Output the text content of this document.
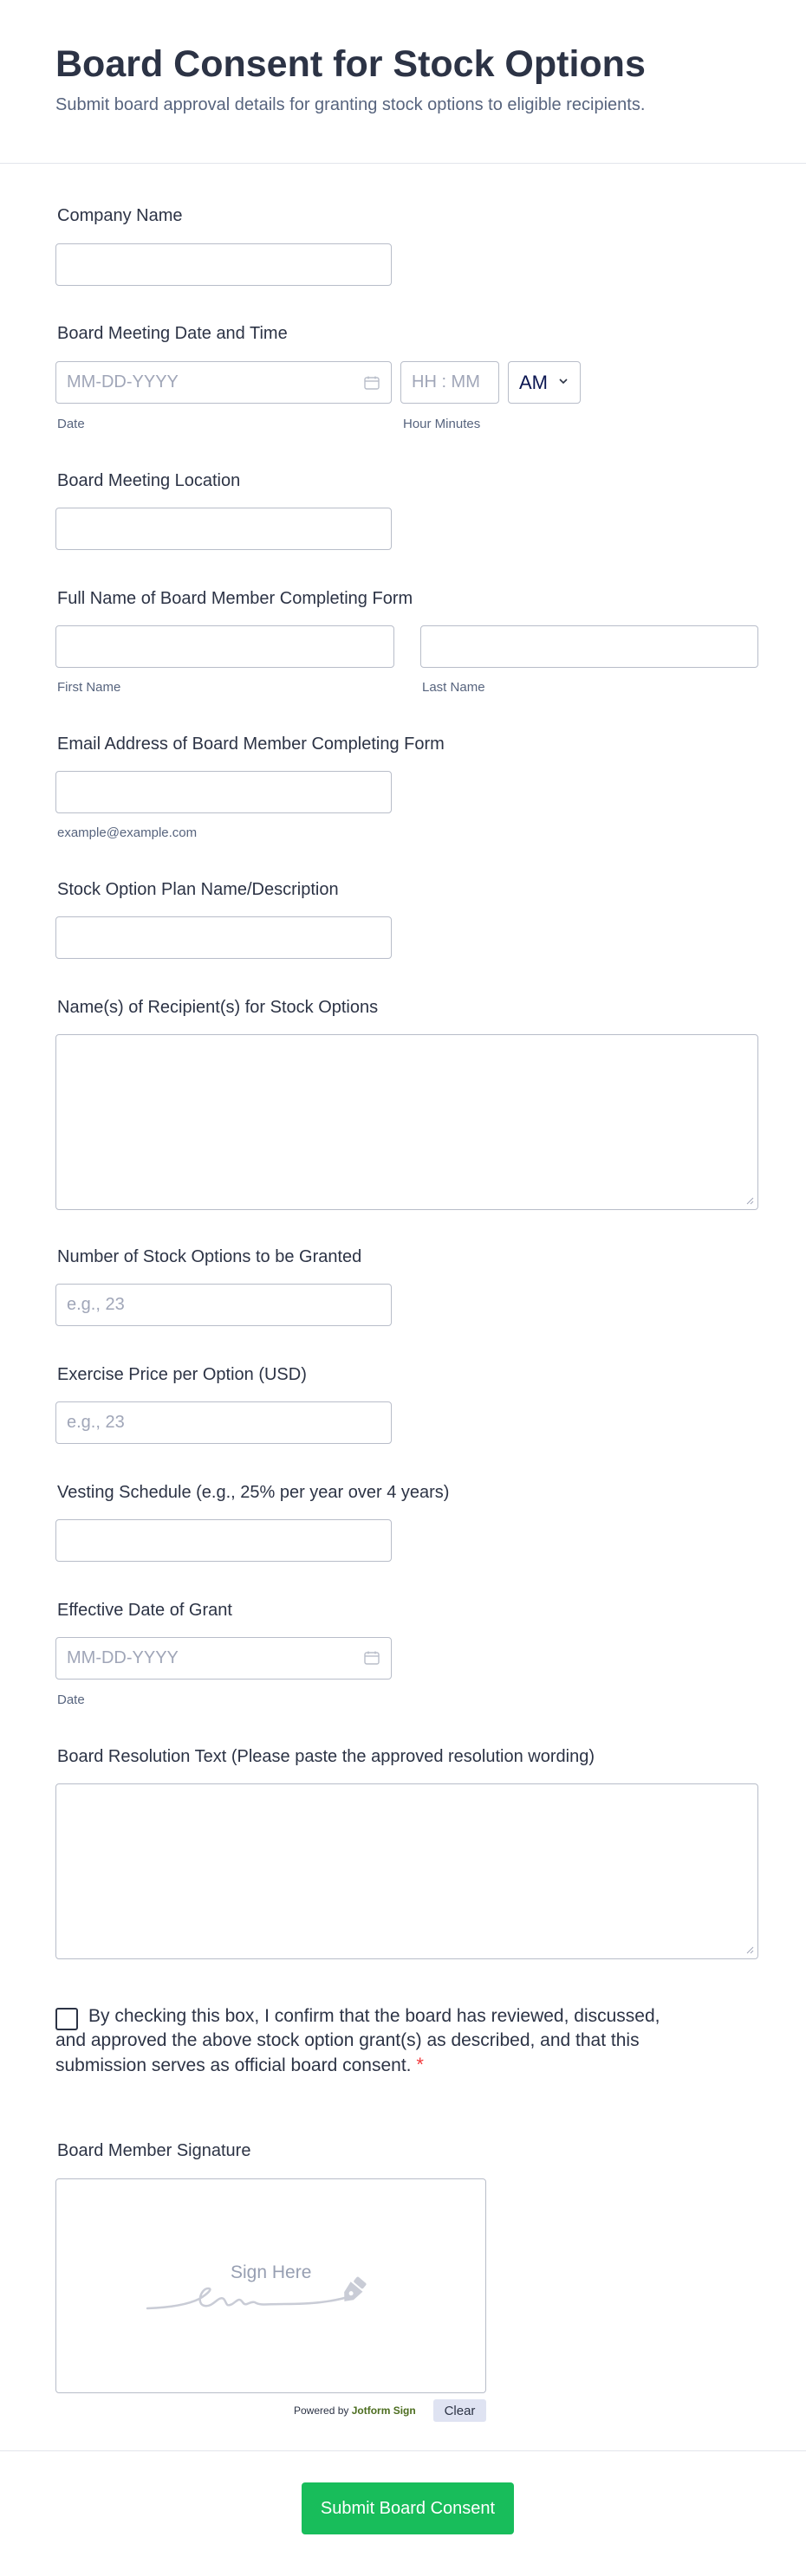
Board Consent for Stock Options
Submit board approval details for granting stock options to eligible recipients.
Company Name
Board Meeting Date and Time
MM-DD-YYYY
HH : MM
AM
Date	Hour Minutes
Board Meeting Location
Full Name of Board Member Completing Form
First Name	Last Name
Email Address of Board Member Completing Form
example@example.com
Stock Option Plan Name/Description
Name(s) of Recipient(s) for Stock Options
Number of Stock Options to be Granted
e.g., 23
Exercise Price per Option (USD)
e.g., 23
Vesting Schedule (e.g., 25% per year over 4 years)
Effective Date of Grant
MM-DD-YYYY
Date
Board Resolution Text (Please paste the approved resolution wording)
By checking this box, I confirm that the board has reviewed, discussed, and approved the above stock option grant(s) as described, and that this submission serves as official board consent. *
Board Member Signature
Sign Here
Powered by Jotform Sign	Clear
Submit Board Consent
